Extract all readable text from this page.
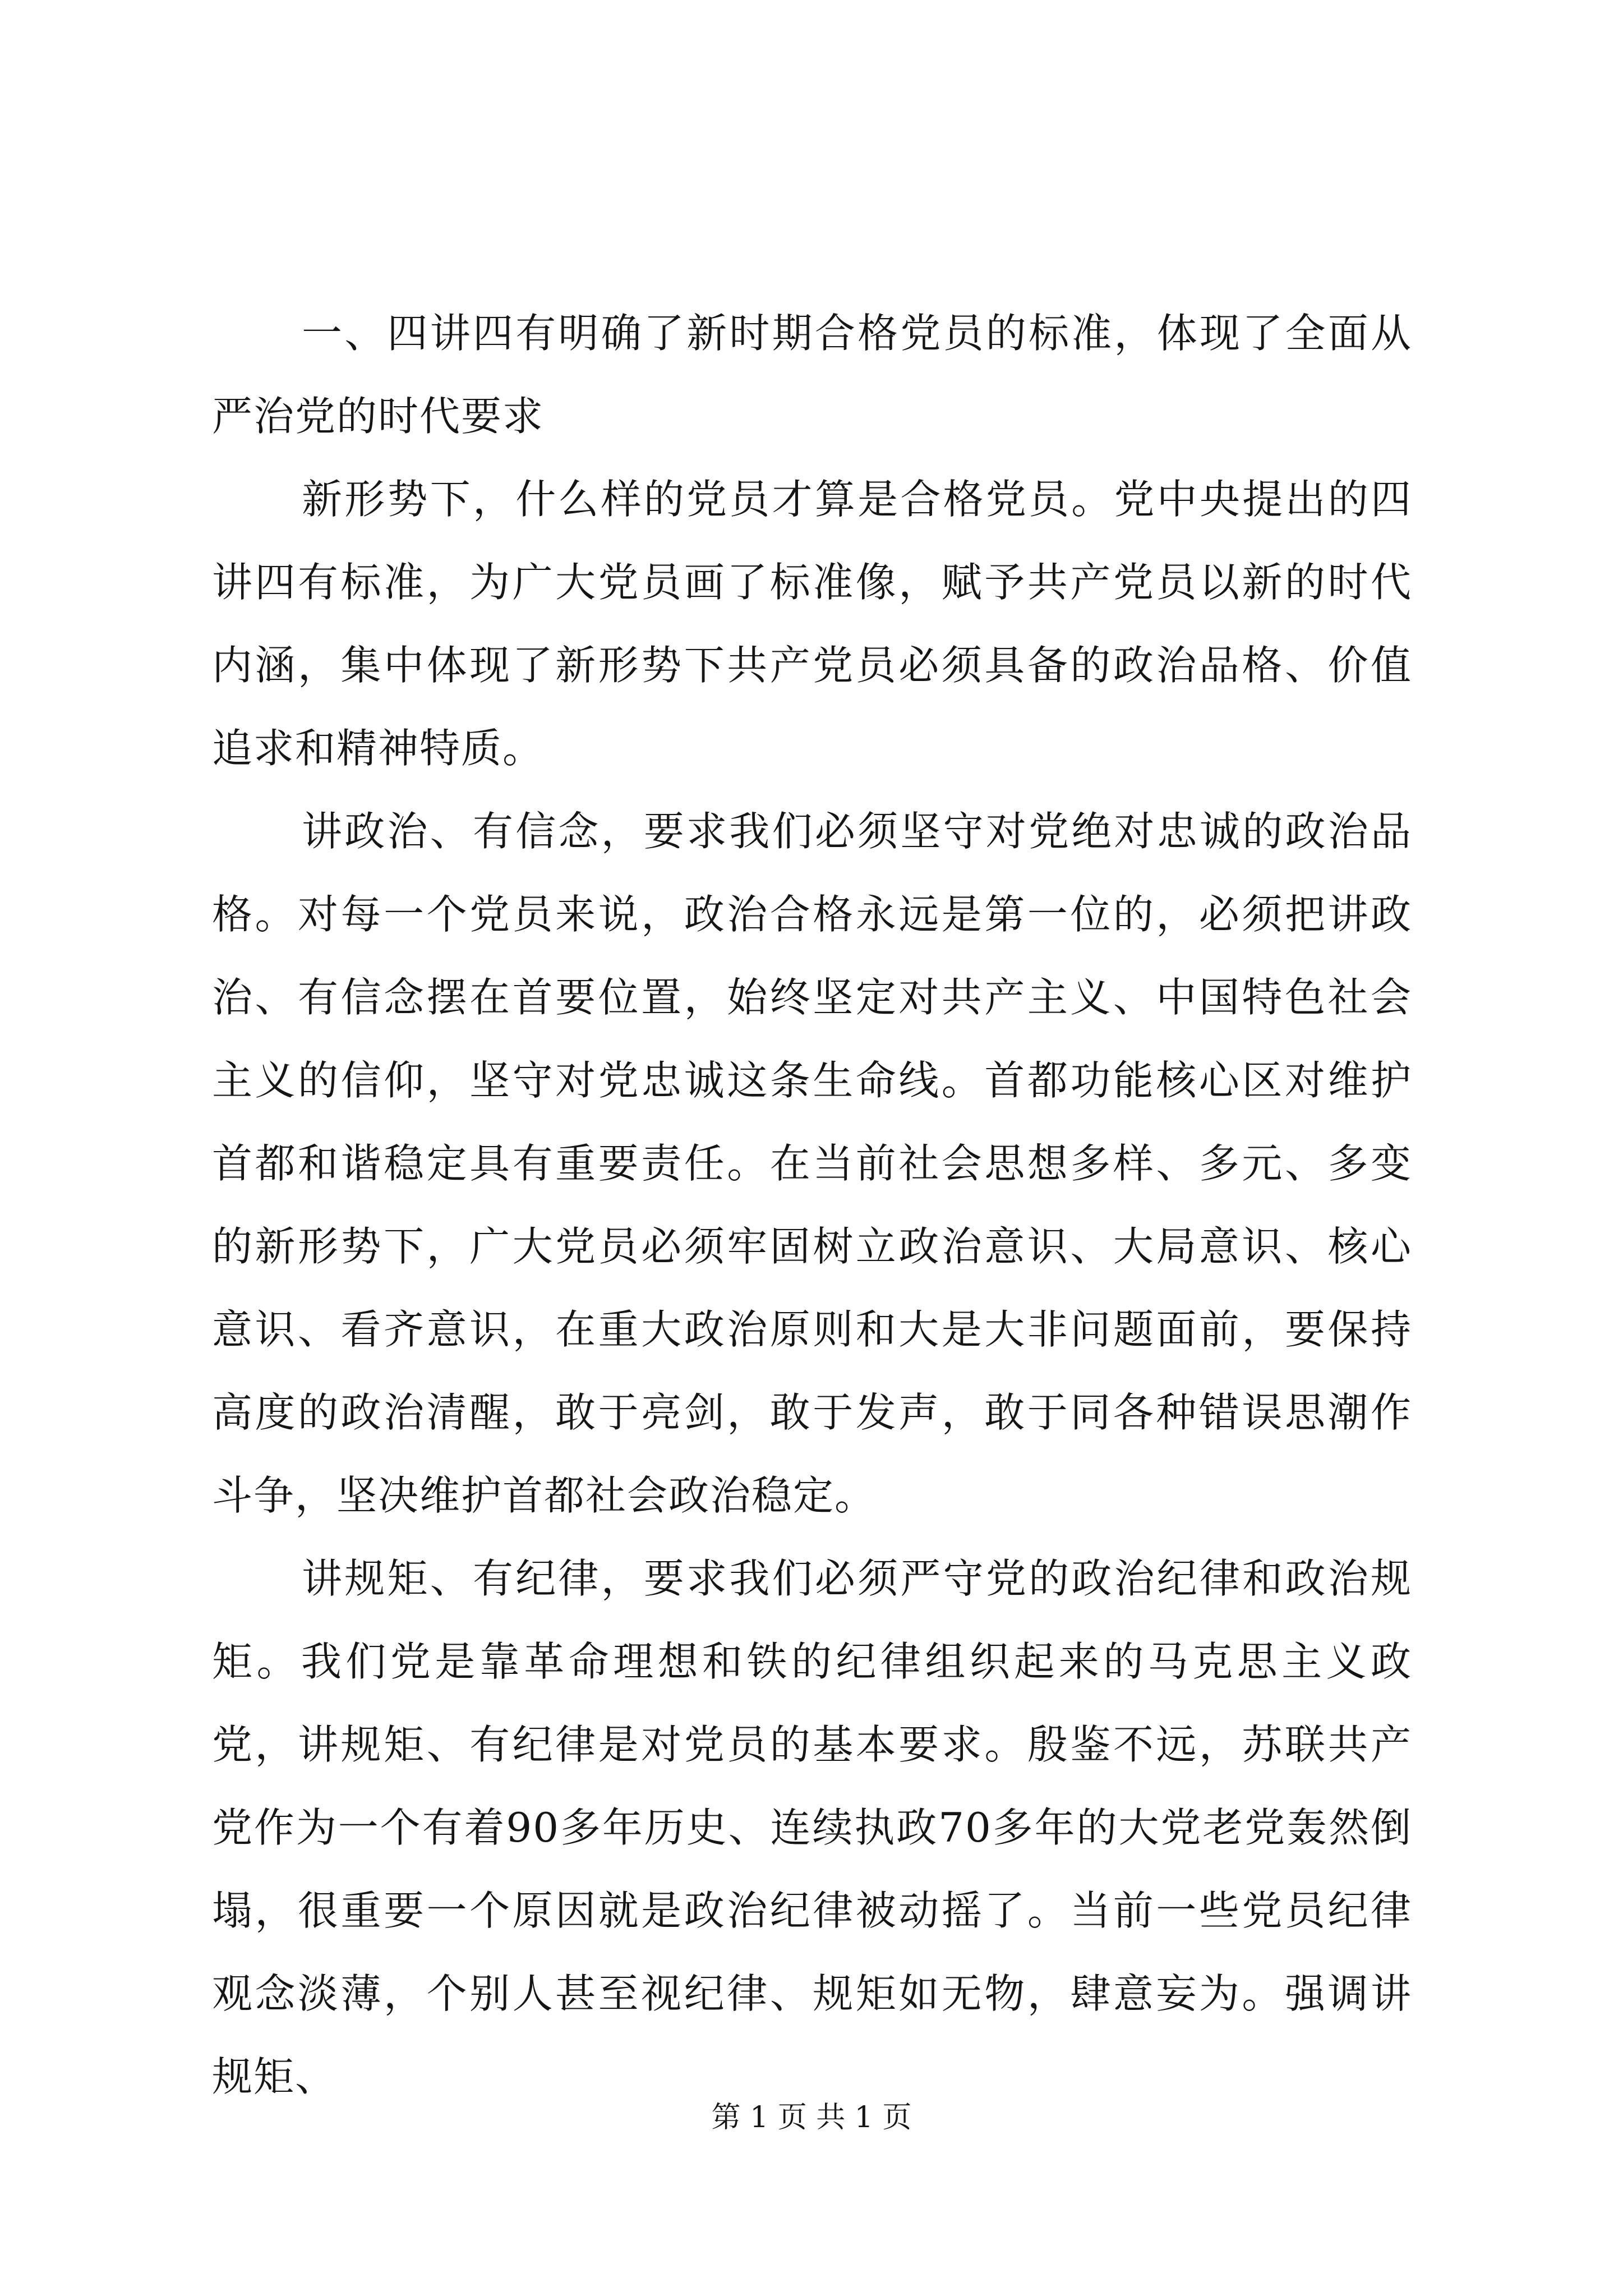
一、四讲四有明确了新时期合格党员的标准，体现了全面从严治党的时代要求

新形势下，什么样的党员才算是合格党员。党中央提出的四讲四有标准，为广大党员画了标准像，赋予共产党员以新的时代内涵，集中体现了新形势下共产党员必须具备的政治品格、价值追求和精神特质。

讲政治、有信念，要求我们必须坚守对党绝对忠诚的政治品格。对每一个党员来说，政治合格永远是第一位的，必须把讲政治、有信念摆在首要位置，始终坚定对共产主义、中国特色社会主义的信仰，坚守对党忠诚这条生命线。首都功能核心区对维护首都和谐稳定具有重要责任。在当前社会思想多样、多元、多变的新形势下，广大党员必须牢固树立政治意识、大局意识、核心意识、看齐意识，在重大政治原则和大是大非问题面前，要保持高度的政治清醒，敢于亮剑，敢于发声，敢于同各种错误思潮作斗争，坚决维护首都社会政治稳定。

讲规矩、有纪律，要求我们必须严守党的政治纪律和政治规矩。我们党是靠革命理想和铁的纪律组织起来的马克思主义政党，讲规矩、有纪律是对党员的基本要求。殷鉴不远，苏联共产党作为一个有着90多年历史、连续执政70多年的大党老党轰然倒塌，很重要一个原因就是政治纪律被动摇了。当前一些党员纪律观念淡薄，个别人甚至视纪律、规矩如无物，肆意妄为。强调讲规矩、

第 1 页 共 1 页
